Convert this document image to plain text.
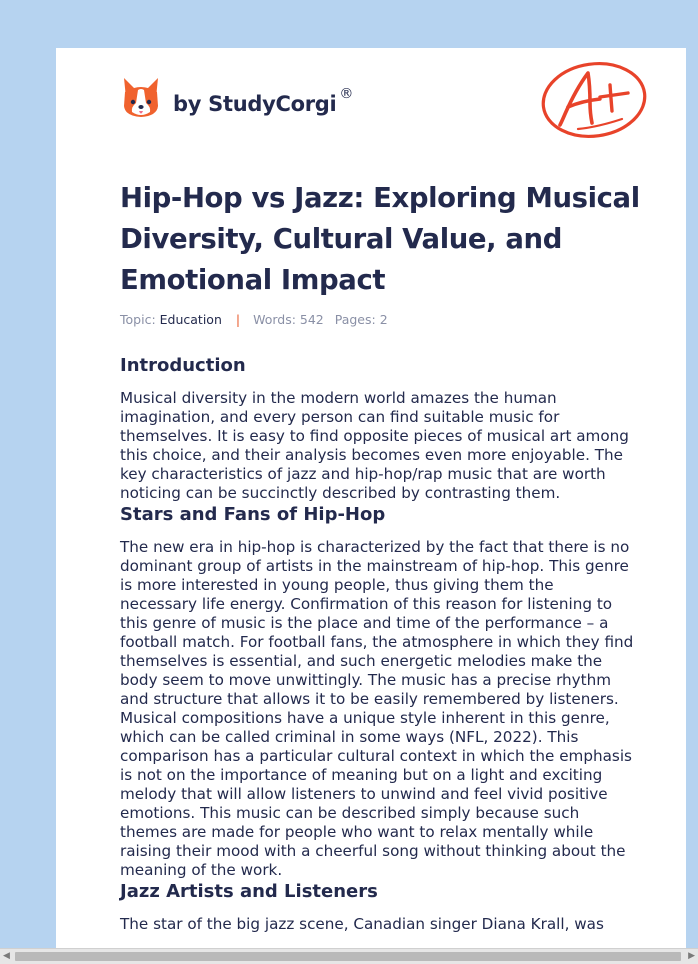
by StudyCorgi ®
A+
Hip-Hop vs Jazz: Exploring Musical Diversity, Cultural Value, and Emotional Impact
Topic: Education | Words: 542 Pages: 2
Introduction

Musical diversity in the modern world amazes the human imagination, and every person can find suitable music for themselves. It is easy to find opposite pieces of musical art among this choice, and their analysis becomes even more enjoyable. The key characteristics of jazz and hip-hop/rap music that are worth noticing can be succinctly described by contrasting them.

Stars and Fans of Hip-Hop

The new era in hip-hop is characterized by the fact that there is no dominant group of artists in the mainstream of hip-hop. This genre is more interested in young people, thus giving them the necessary life energy. Confirmation of this reason for listening to this genre of music is the place and time of the performance – a football match. For football fans, the atmosphere in which they find themselves is essential, and such energetic melodies make the body seem to move unwittingly. The music has a precise rhythm and structure that allows it to be easily remembered by listeners. Musical compositions have a unique style inherent in this genre, which can be called criminal in some ways (NFL, 2022). This comparison has a particular cultural context in which the emphasis is not on the importance of meaning but on a light and exciting melody that will allow listeners to unwind and feel vivid positive emotions. This music can be described simply because such themes are made for people who want to relax mentally while raising their mood with a cheerful song without thinking about the meaning of the work.

Jazz Artists and Listeners

The star of the big jazz scene, Canadian singer Diana Krall, was

◀	▶
